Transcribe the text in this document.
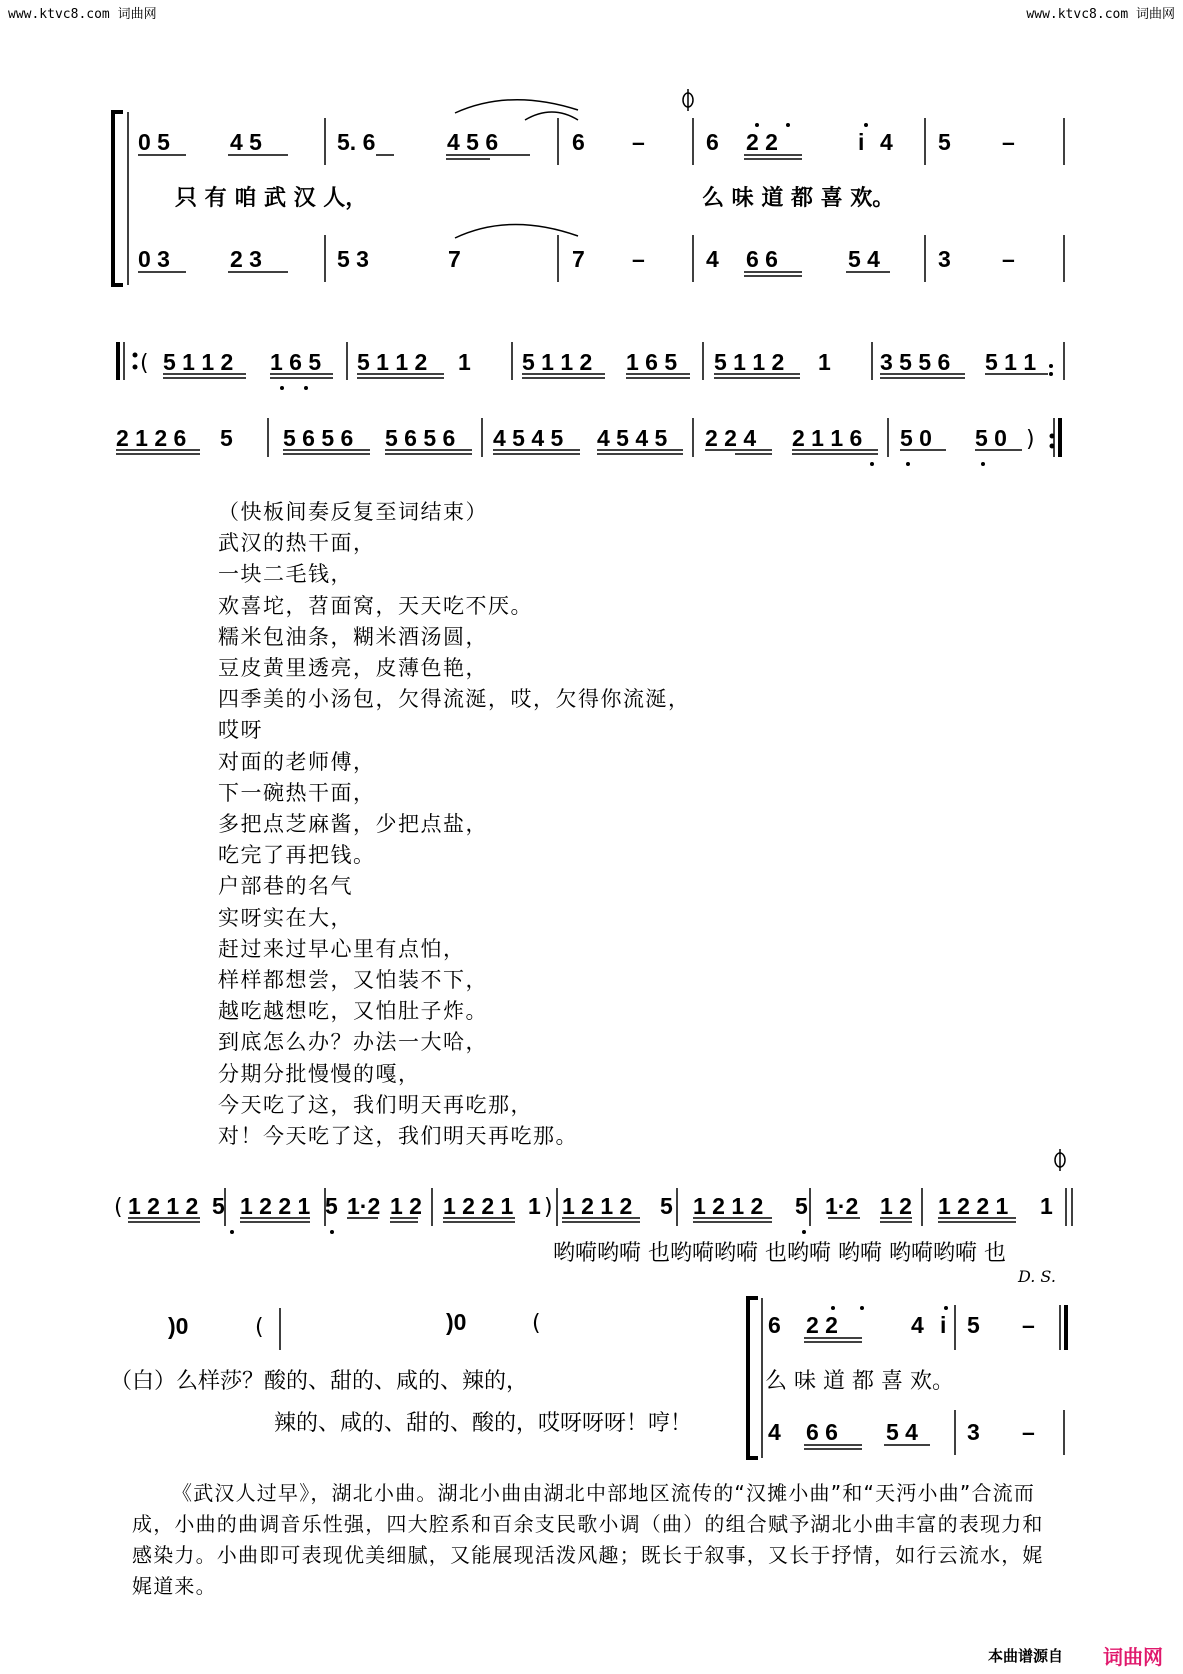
www.ktvc8.com 词曲网	www.ktvc8.com 词曲网
0 5	4 5	5. 6	4 5 6	6 –	6 2 2	i 4 5 –
只 有 咱 武 汉 人，	么 味 道 都 喜 欢。
0 3	2 3	5 3	7	7 –	4 6 6	5 4	3 –
( 5 1 1 2 1 6 5 5 1 1 2 1 5 1 1 2 1 6 5 5 1 1 2 1 3 5 5 6 5 1 1
2 1 2 6 5 5 6 5 6 5 6 5 6 4 5 4 5 4 5 4 5 2 2 4 2 1 1 6 5 0 5 0 )
( 1 2 1 2 5 1 2 2 1 5 1·2 1 2 1 2 2 1 1 ) 1 2 1 2 5 1 2 1 2 5 1·2 1 2 1 2 2 1 1
哟嗬哟嗬 也哟嗬哟嗬 也哟嗬 哟嗬 哟嗬哟嗬 也
D. S.
)0	(	)0	(
（白）么样莎？酸的、甜的、咸的、辣的，
辣的、咸的、甜的、酸的，哎呀呀呀！哼！
6 2 2	i
4 5 –
么 味 道 都 喜 欢。
4 6 6 5 4 3 –
（快板间奏反复至词结束）
武汉的热干面，
一块二毛钱，
欢喜坨，苕面窝，天天吃不厌。
糯米包油条，糊米酒汤圆，
豆皮黄里透亮，皮薄色艳，
四季美的小汤包，欠得流涎，哎，欠得你流涎，
哎呀
对面的老师傅，
下一碗热干面，
多把点芝麻酱，少把点盐，
吃完了再把钱。
户部巷的名气
实呀实在大，
赶过来过早心里有点怕，
样样都想尝，又怕装不下，
越吃越想吃，又怕肚子炸。
到底怎么办？办法一大哈，
分期分批慢慢的嘎，
今天吃了这，我们明天再吃那，
对！今天吃了这，我们明天再吃那。

《武汉人过早》，湖北小曲。湖北小曲由湖北中部地区流传的“汉摊小曲”和“天沔小曲”合流而成，小曲的曲调音乐性强，四大腔系和百余支民歌小调（曲）的组合赋予湖北小曲丰富的表现力和感染力。小曲即可表现优美细腻，又能展现活泼风趣；既长于叙事，又长于抒情，如行云流水，娓娓道来。

本曲谱源自 词曲网
